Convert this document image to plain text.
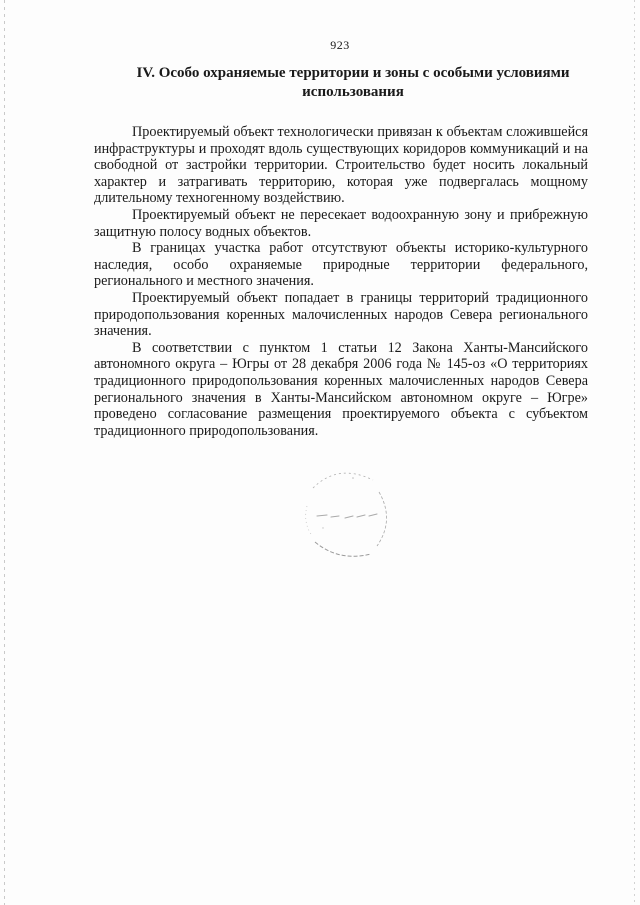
923
IV. Особо охраняемые территории и зоны с особыми условиями использования

Проектируемый объект технологически привязан к объектам сложившейся инфраструктуры и проходят вдоль существующих коридоров коммуникаций и на свободной от застройки территории. Строительство будет носить локальный характер и затрагивать территорию, которая уже подвергалась мощному длительному техногенному воздействию.

Проектируемый объект не пересекает водоохранную зону и прибрежную защитную полосу водных объектов.

В границах участка работ отсутствуют объекты историко-культурного наследия, особо охраняемые природные территории федерального, регионального и местного значения.

Проектируемый объект попадает в границы территорий традиционного природопользования коренных малочисленных народов Севера регионального значения.

В соответствии с пунктом 1 статьи 12 Закона Ханты-Мансийского автономного округа – Югры от 28 декабря 2006 года № 145-оз «О территориях традиционного природопользования коренных малочисленных народов Севера регионального значения в Ханты-Мансийском автономном округе – Югре» проведено согласование размещения проектируемого объекта с субъектом традиционного природопользования.
